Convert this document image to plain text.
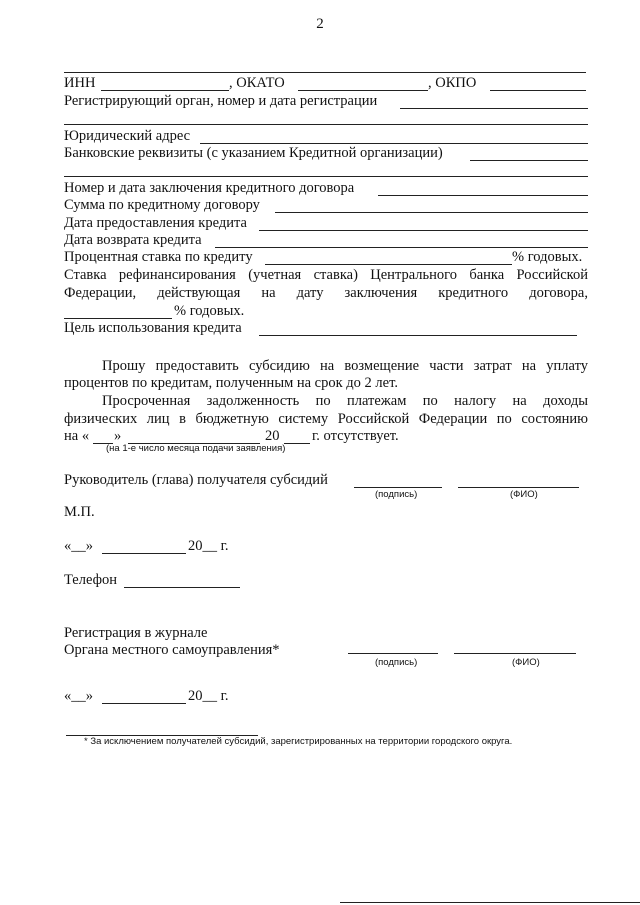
2
ИНН	, ОКАТО	, ОКПО
Регистрирующий орган, номер и дата регистрации
Юридический адрес
Банковские реквизиты (с указанием Кредитной организации)
Номер и дата заключения кредитного договора
Сумма по кредитному договору
Дата предоставления кредита
Дата возврата кредита
Процентная ставка по кредиту	% годовых.
Ставка рефинансирования (учетная ставка) Центрального банка Российской
Федерации, действующая на дату заключения кредитного договора,
% годовых.
Цель использования кредита
Прошу предоставить субсидию на возмещение части затрат на уплату
процентов по кредитам, полученным на срок до 2 лет.
Просроченная задолженность по платежам по налогу на доходы
физических лиц в бюджетную систему Российской Федерации по состоянию
на « »	20 г. отсутствует.
(на 1-е число месяца подачи заявления)
Руководитель (глава) получателя субсидий
(подпись)	(ФИО)
М.П.
«__»	20__ г.
Телефон
Регистрация в журнале
Органа местного самоуправления*
(подпись)	(ФИО)
«__»	20__ г.
* За исключением получателей субсидий, зарегистрированных на территории городского округа.
